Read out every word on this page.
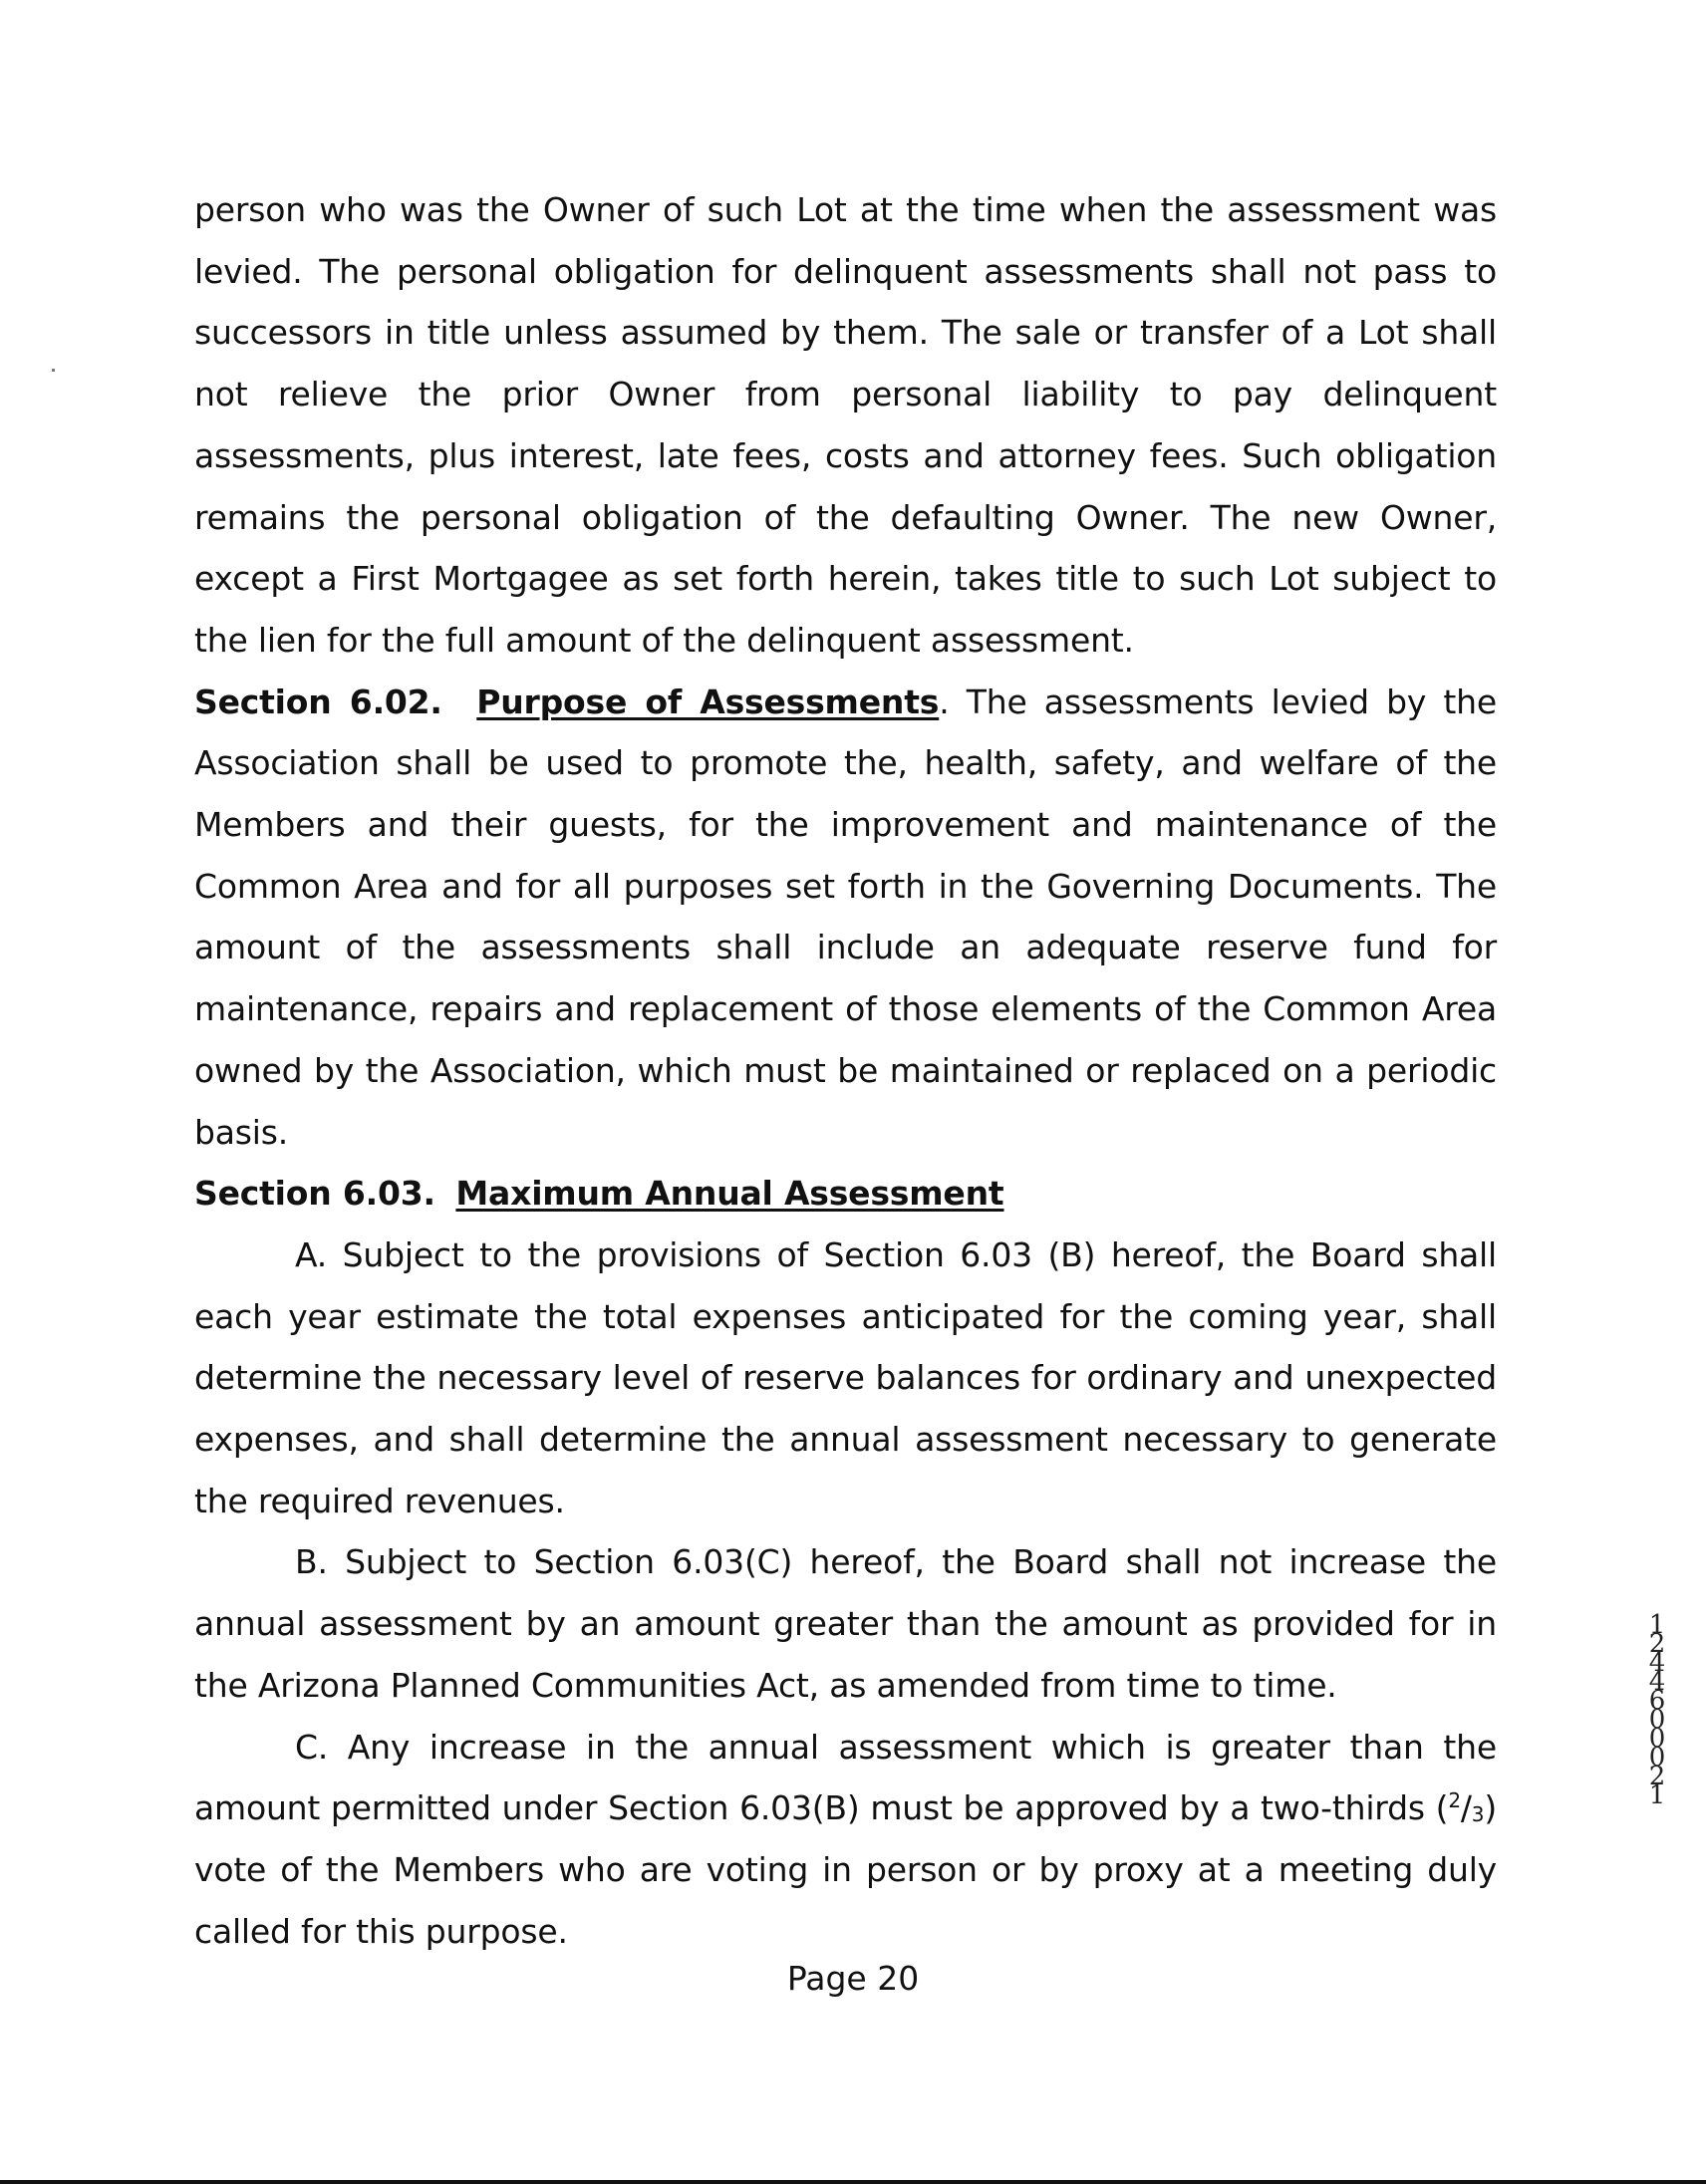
person who was the Owner of such Lot at the time when the assessment was levied. The personal obligation for delinquent assessments shall not pass to successors in title unless assumed by them. The sale or transfer of a Lot shall not relieve the prior Owner from personal liability to pay delinquent assessments, plus interest, late fees, costs and attorney fees. Such obligation remains the personal obligation of the defaulting Owner. The new Owner, except a First Mortgagee as set forth herein, takes title to such Lot subject to the lien for the full amount of the delinquent assessment.

Section 6.02. Purpose of Assessments. The assessments levied by the Association shall be used to promote the, health, safety, and welfare of the Members and their guests, for the improvement and maintenance of the Common Area and for all purposes set forth in the Governing Documents. The amount of the assessments shall include an adequate reserve fund for maintenance, repairs and replacement of those elements of the Common Area owned by the Association, which must be maintained or replaced on a periodic basis.

Section 6.03. Maximum Annual Assessment

A. Subject to the provisions of Section 6.03 (B) hereof, the Board shall each year estimate the total expenses anticipated for the coming year, shall determine the necessary level of reserve balances for ordinary and unexpected expenses, and shall determine the annual assessment necessary to generate the required revenues.

B. Subject to Section 6.03(C) hereof, the Board shall not increase the annual assessment by an amount greater than the amount as provided for in the Arizona Planned Communities Act, as amended from time to time.

C. Any increase in the annual assessment which is greater than the amount permitted under Section 6.03(B) must be approved by a two-thirds ($^2$/3) vote of the Members who are voting in person or by proxy at a meeting duly called for this purpose.

Page 20
12446 00021
